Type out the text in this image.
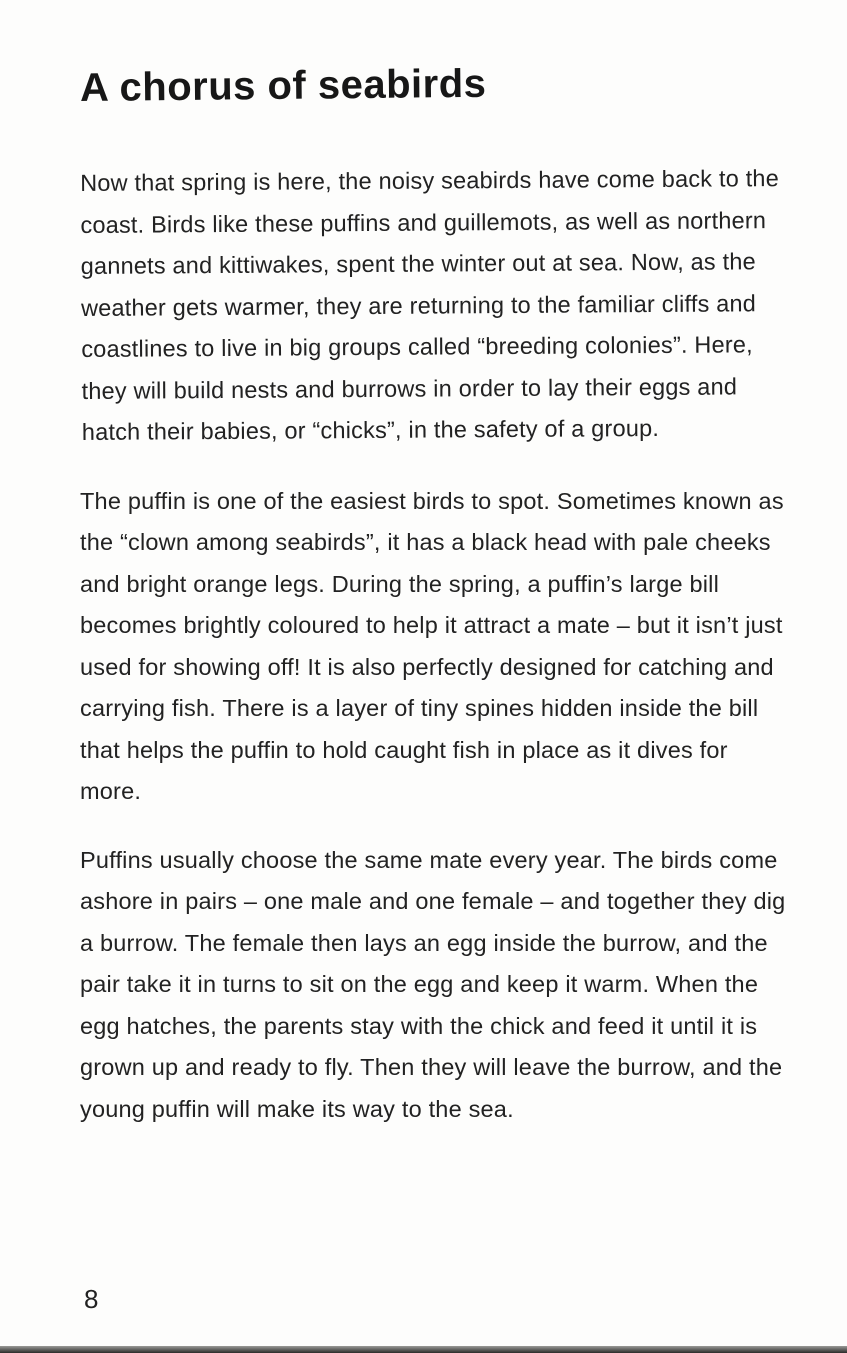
A chorus of seabirds

Now that spring is here, the noisy seabirds have come back to the coast. Birds like these puffins and guillemots, as well as northern gannets and kittiwakes, spent the winter out at sea. Now, as the weather gets warmer, they are returning to the familiar cliffs and coastlines to live in big groups called “breeding colonies”. Here, they will build nests and burrows in order to lay their eggs and hatch their babies, or “chicks”, in the safety of a group.

The puffin is one of the easiest birds to spot. Sometimes known as the “clown among seabirds”, it has a black head with pale cheeks and bright orange legs. During the spring, a puffin’s large bill becomes brightly coloured to help it attract a mate – but it isn’t just used for showing off! It is also perfectly designed for catching and carrying fish. There is a layer of tiny spines hidden inside the bill that helps the puffin to hold caught fish in place as it dives for more.

Puffins usually choose the same mate every year. The birds come ashore in pairs – one male and one female – and together they dig a burrow. The female then lays an egg inside the burrow, and the pair take it in turns to sit on the egg and keep it warm. When the egg hatches, the parents stay with the chick and feed it until it is grown up and ready to fly. Then they will leave the burrow, and the young puffin will make its way to the sea.

8
